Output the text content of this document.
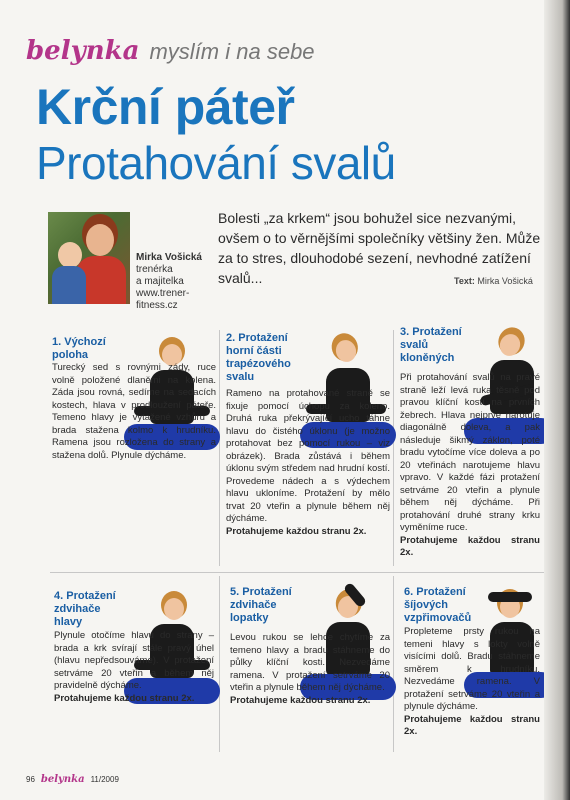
belynka myslím i na sebe
Krční páteř
Protahování svalů
Mirka Vošická
trenérka
a majitelka
www.trener-
fitness.cz
Bolesti „za krkem“ jsou bohužel sice nezvanými, ovšem o to věrnějšími společníky většiny žen. Může za to stres, dlouhodobé sezení, nevhodné zatížení svalů...	Text: Mirka Vošická
1. Výchozí poloha
Turecký sed s rovnými zády, ruce volně položené dlaněmi na kolena. Záda jsou rovná, sedíme na sedacích kostech, hlava v prodloužení páteře. Temeno hlavy je vytažené vzhůru a brada stažena kolmo k hrudníku. Ramena jsou rozložena do strany a stažena dolů. Plynule dýcháme.
2. Protažení horní části trapézového svalu
Rameno na protahované straně se fixuje pomocí úchopu za koleno. Druhá ruka překrývající ucho táhne hlavu do čistého úklonu (je možno protahovat bez pomocí rukou – viz obrázek). Brada zůstává i během úklonu svým středem nad hrudní kostí. Provedeme nádech a s výdechem hlavu ukloníme. Protažení by mělo trvat 20 vteřin a plynule během něj dýcháme.
Protahujeme každou stranu 2x.
3. Protažení svalů kloněných
Při protahování svalů na pravé straně leží levá ruka těsně pod pravou klíční kostí na prvních žebrech. Hlava nejprve narotuje diagonálně doleva, a pak následuje šikmý záklon, poté bradu vytočíme více doleva a po 20 vteřinách narotujeme hlavu vpravo. V každé fázi protažení setrváme 20 vteřin a plynule během něj dýcháme. Při protahování druhé strany krku vyměníme ruce.
Protahujeme každou stranu 2x.
4. Protažení zdvihače hlavy
Plynule otočíme hlavu do strany – brada a krk svírají stále pravý úhel (hlavu nepředsouváme). V protažení setrváme 20 vteřin a během něj pravidelně dýcháme.
Protahujeme každou stranu 2x.
5. Protažení zdvihače lopatky
Levou rukou se lehce chytíme za temeno hlavy a bradu stáhneme do půlky klíční kosti. Nezvedáme ramena. V protažení setrváme 20 vteřin a plynule během něj dýcháme.
Protahujeme každou stranu 2x.
6. Protažení šíjových vzpřimovačů
Propleteme prsty rukou na temeni hlavy s lokty volně visícími dolů. Bradu stáhneme směrem k hrudníku. Nezvedáme ramena. V protažení setrváme 20 vteřin a plynule dýcháme.
Protahujeme každou stranu 2x.
96 belynka 11/2009
